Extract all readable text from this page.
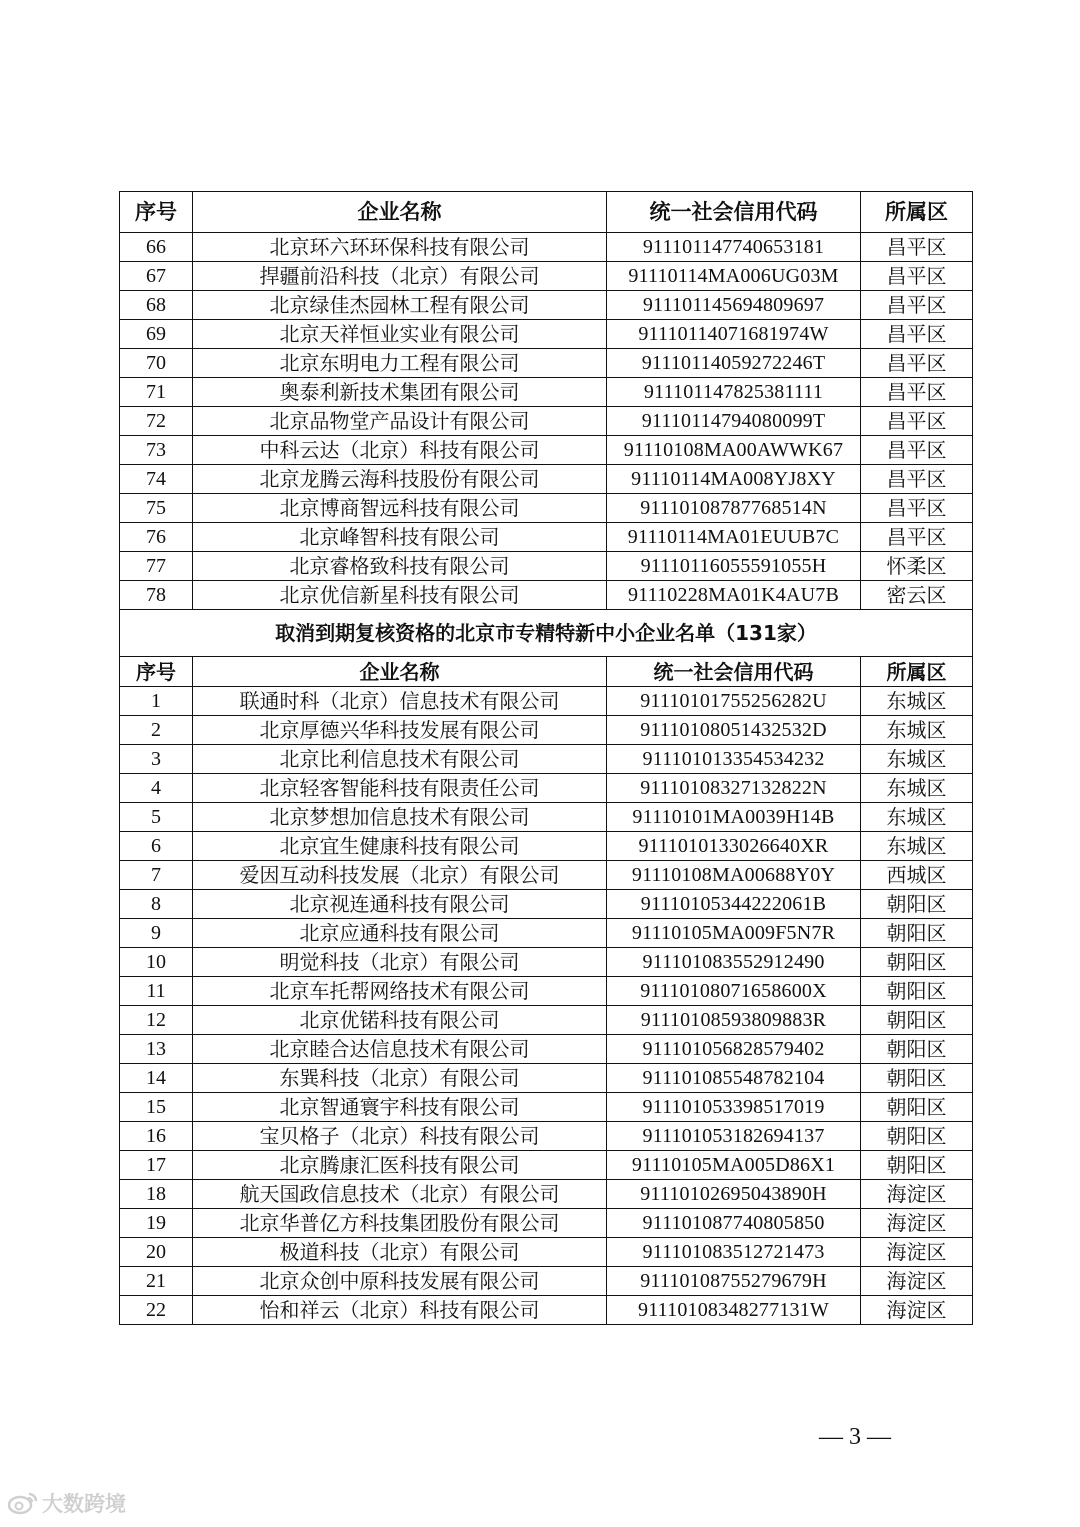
序号	企业名称	统一社会信用代码	所属区
66	北京环六环环保科技有限公司	911101147740653181	昌平区
67	捍疆前沿科技（北京）有限公司	91110114MA006UG03M	昌平区
68	北京绿佳杰园林工程有限公司	911101145694809697	昌平区
69	北京天祥恒业实业有限公司	91110114071681974W	昌平区
70	北京东明电力工程有限公司	91110114059272246T	昌平区
71	奥泰利新技术集团有限公司	911101147825381111	昌平区
72	北京品物堂产品设计有限公司	91110114794080099T	昌平区
73	中科云达（北京）科技有限公司	91110108MA00AWWK67	昌平区
74	北京龙腾云海科技股份有限公司	91110114MA008YJ8XY	昌平区
75	北京博商智远科技有限公司	91110108787768514N	昌平区
76	北京峰智科技有限公司	91110114MA01EUUB7C	昌平区
77	北京睿格致科技有限公司	91110116055591055H	怀柔区
78	北京优信新星科技有限公司	91110228MA01K4AU7B	密云区
取消到期复核资格的北京市专精特新中小企业名单（131家）			
序号	企业名称	统一社会信用代码	所属区
1	联通时科（北京）信息技术有限公司	91110101755256282U	东城区
2	北京厚德兴华科技发展有限公司	91110108051432532D	东城区
3	北京比利信息技术有限公司	911101013354534232	东城区
4	北京轻客智能科技有限责任公司	91110108327132822N	东城区
5	北京梦想加信息技术有限公司	91110101MA0039H14B	东城区
6	北京宜生健康科技有限公司	9111010133026640XR	东城区
7	爱因互动科技发展（北京）有限公司	91110108MA00688Y0Y	西城区
8	北京视连通科技有限公司	91110105344222061B	朝阳区
9	北京应通科技有限公司	91110105MA009F5N7R	朝阳区
10	明觉科技（北京）有限公司	911101083552912490	朝阳区
11	北京车托帮网络技术有限公司	91110108071658600X	朝阳区
12	北京优锘科技有限公司	91110108593809883R	朝阳区
13	北京睦合达信息技术有限公司	911101056828579402	朝阳区
14	东巽科技（北京）有限公司	911101085548782104	朝阳区
15	北京智通寰宇科技有限公司	911101053398517019	朝阳区
16	宝贝格子（北京）科技有限公司	911101053182694137	朝阳区
17	北京腾康汇医科技有限公司	91110105MA005D86X1	朝阳区
18	航天国政信息技术（北京）有限公司	91110102695043890H	海淀区
19	北京华普亿方科技集团股份有限公司	911101087740805850	海淀区
20	极道科技（北京）有限公司	911101083512721473	海淀区
21	北京众创中原科技发展有限公司	91110108755279679H	海淀区
22	怡和祥云（北京）科技有限公司	91110108348277131W	海淀区
— 3 —
大数跨境
